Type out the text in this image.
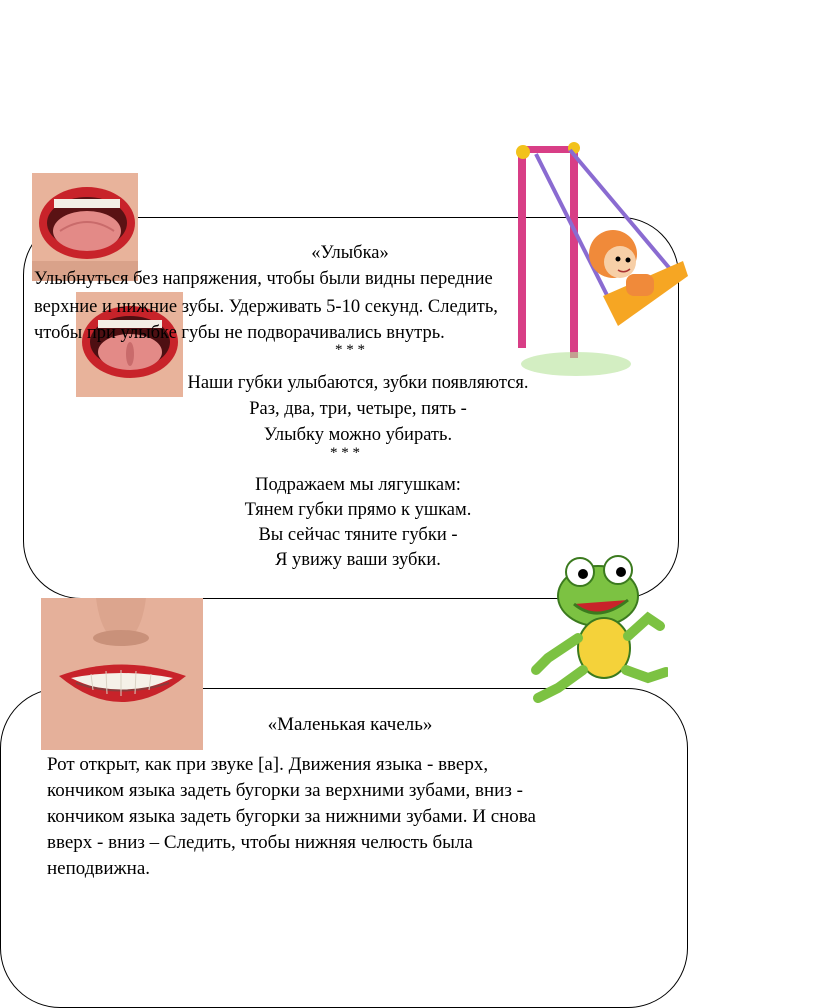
«Улыбка»
Улыбнуться без напряжения, чтобы были видны передние
верхние и нижние зубы. Удерживать 5‑10 секунд. Следить,
чтобы при улыбке губы не подворачивались внутрь.
* * *
Наши губки улыбаются, зубки появляются.
Раз, два, три, четыре, пять ‑
Улыбку можно убирать.
* * *
Подражаем мы лягушкам:
Тянем губки прямо к ушкам.
Вы сейчас тяните губки ‑
Я увижу ваши зубки.
«Маленькая качель»
Рот открыт, как при звуке [а]. Движения языка ‑ вверх,
кончиком языка задеть бугорки за верхними зубами, вниз ‑
кончиком языка задеть бугорки за нижними зубами. И снова
вверх ‑ вниз – Следить, чтобы нижняя челюсть была
неподвижна.
